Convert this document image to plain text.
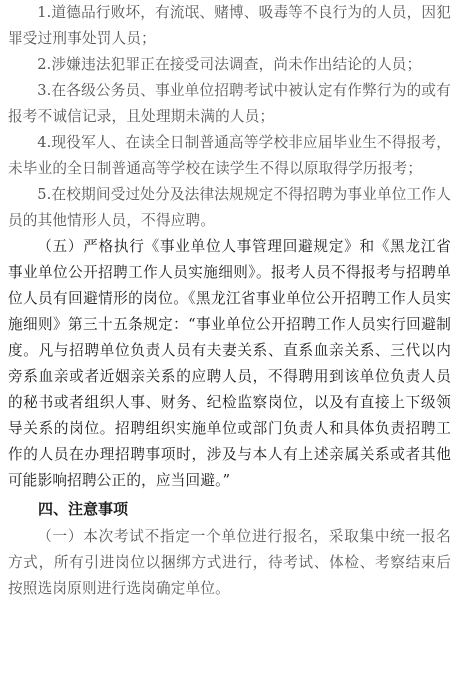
1.道德品行败坏，有流氓、赌博、吸毒等不良行为的人员，因犯罪受过刑事处罚人员；

2.涉嫌违法犯罪正在接受司法调查，尚未作出结论的人员；

3.在各级公务员、事业单位招聘考试中被认定有作弊行为的或有报考不诚信记录，且处理期未满的人员；

4.现役军人、在读全日制普通高等学校非应届毕业生不得报考，未毕业的全日制普通高等学校在读学生不得以原取得学历报考；

5.在校期间受过处分及法律法规规定不得招聘为事业单位工作人员的其他情形人员，不得应聘。

（五）严格执行《事业单位人事管理回避规定》和《黑龙江省事业单位公开招聘工作人员实施细则》。报考人员不得报考与招聘单位人员有回避情形的岗位。《黑龙江省事业单位公开招聘工作人员实施细则》第三十五条规定：“事业单位公开招聘工作人员实行回避制度。凡与招聘单位负责人员有夫妻关系、直系血亲关系、三代以内旁系血亲或者近姻亲关系的应聘人员，不得聘用到该单位负责人员的秘书或者组织人事、财务、纪检监察岗位，以及有直接上下级领导关系的岗位。招聘组织实施单位或部门负责人和具体负责招聘工作的人员在办理招聘事项时，涉及与本人有上述亲属关系或者其他可能影响招聘公正的，应当回避。”

四、注意事项

（一）本次考试不指定一个单位进行报名，采取集中统一报名方式，所有引进岗位以捆绑方式进行，待考试、体检、考察结束后按照选岗原则进行选岗确定单位。
